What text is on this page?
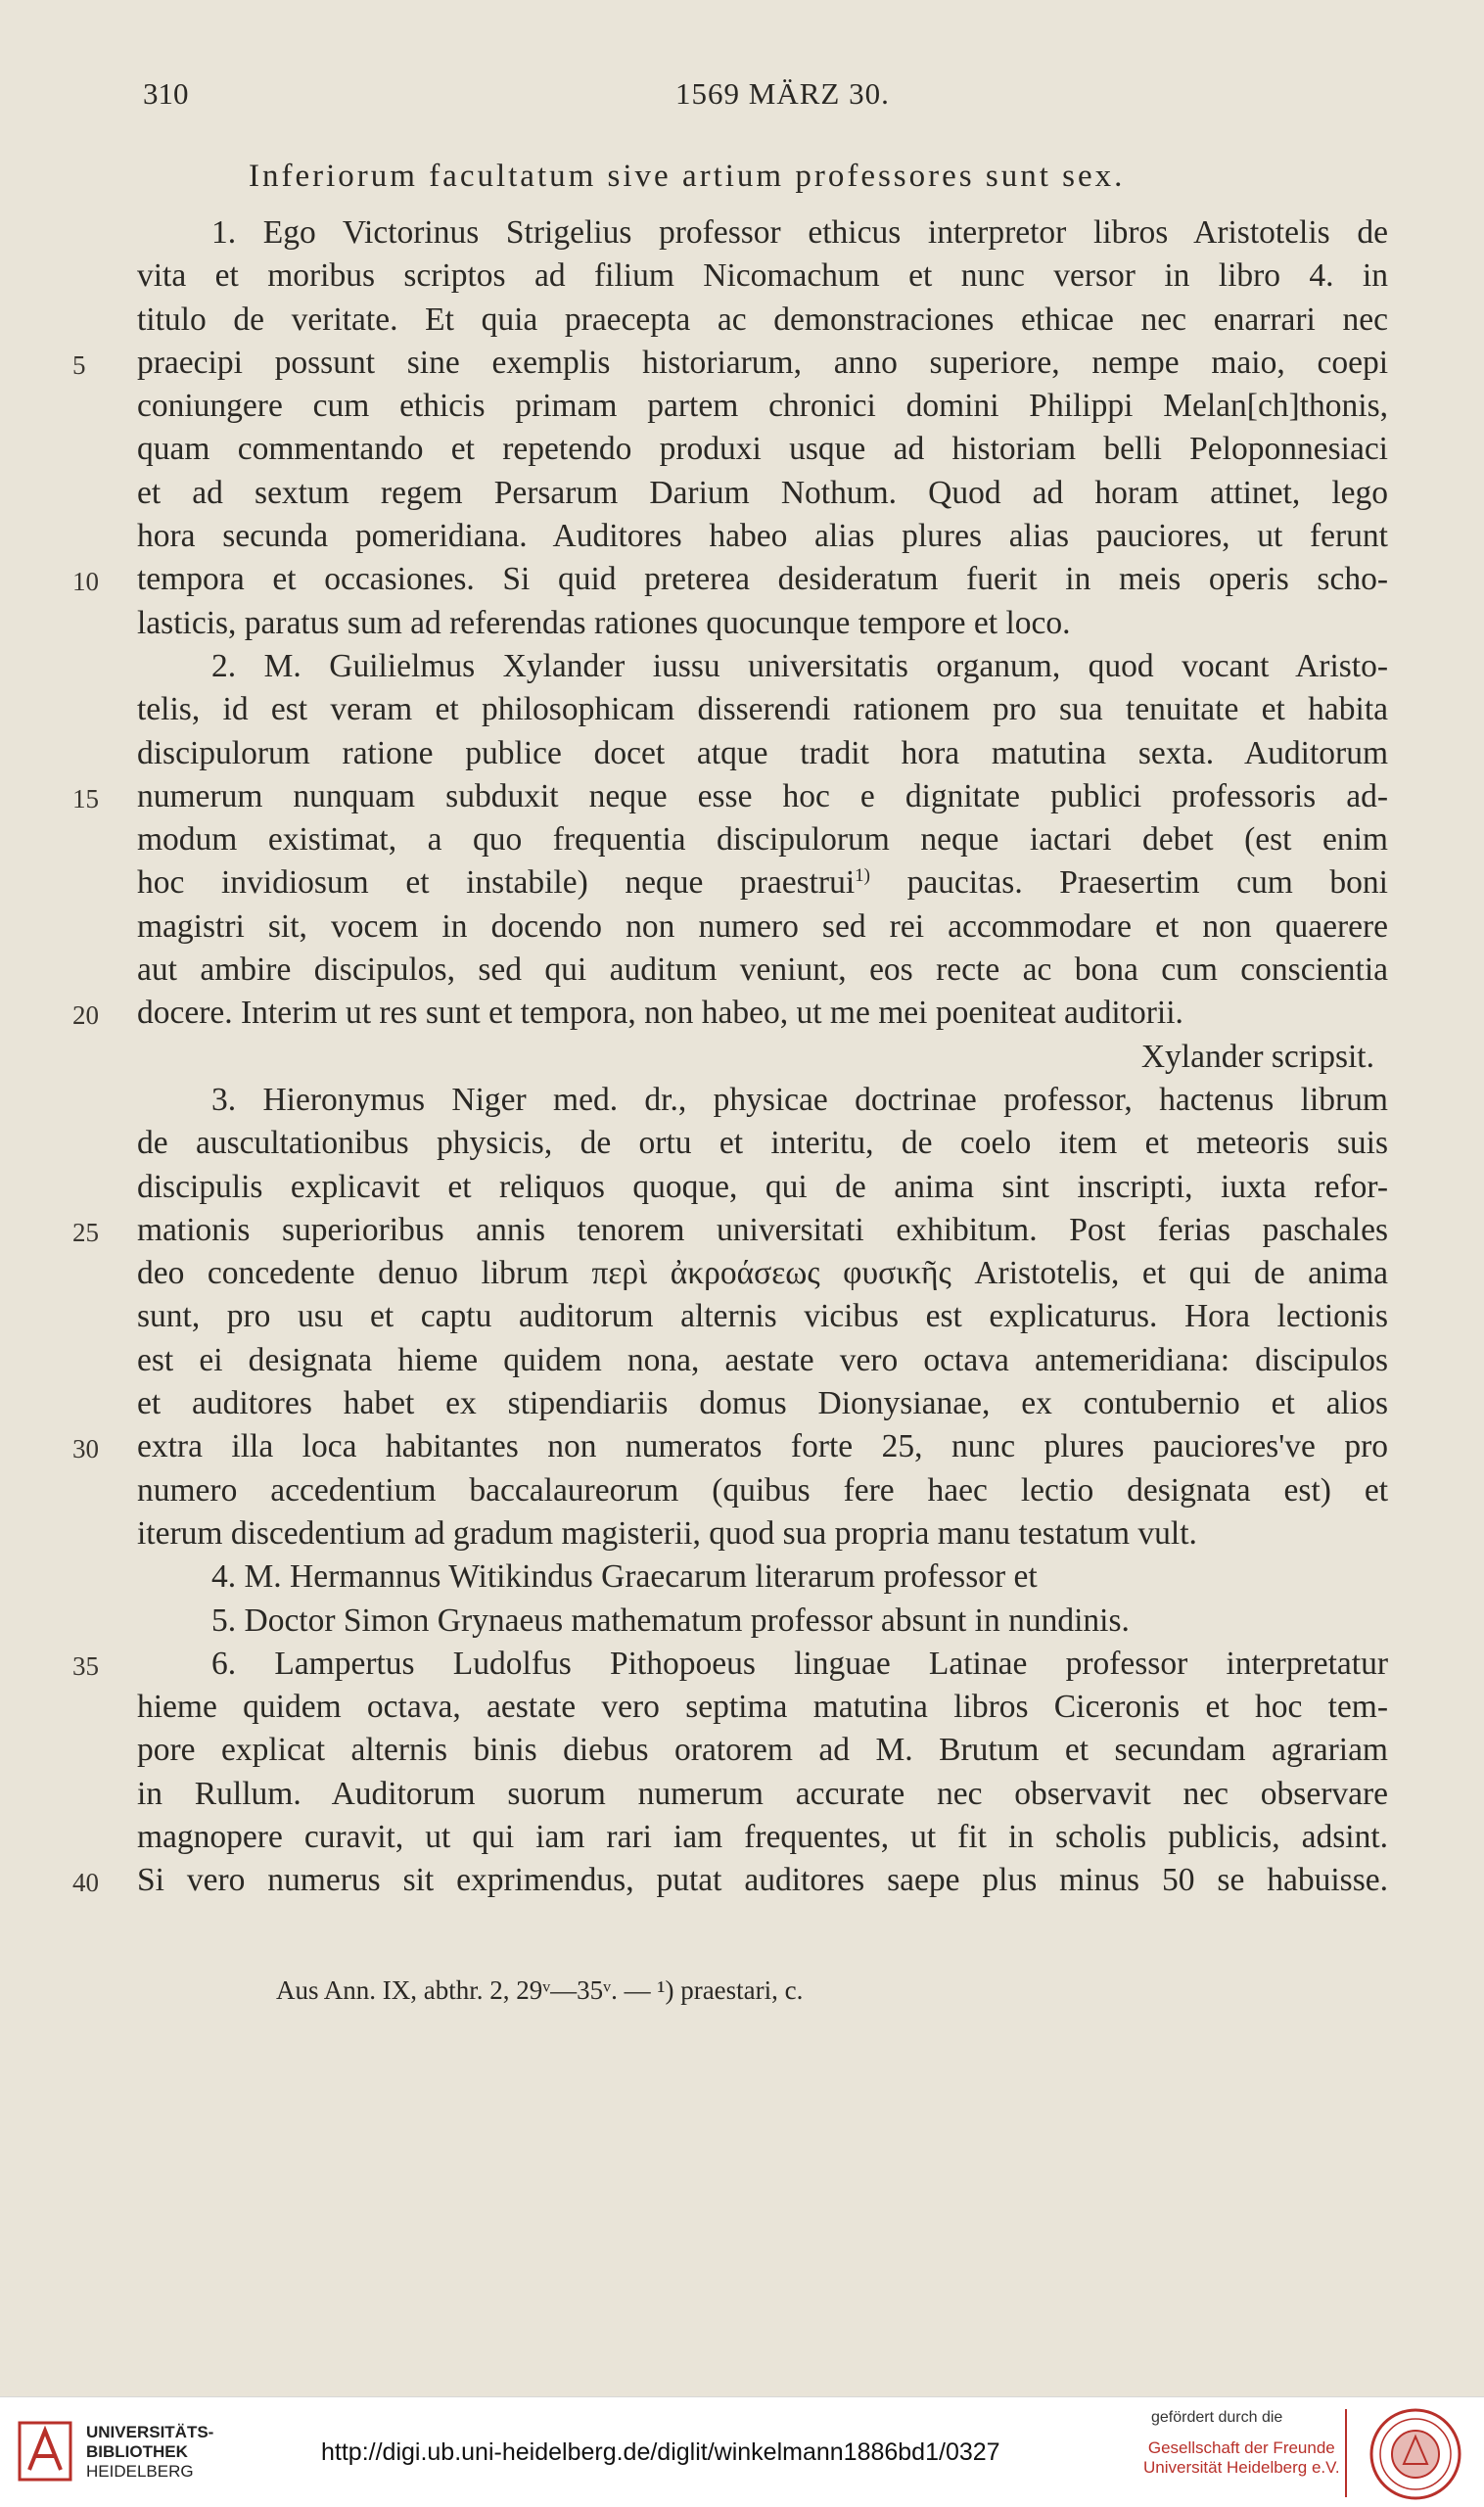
310	1569 MÄRZ 30.
Inferiorum facultatum sive artium professores sunt sex.
1. Ego Victorinus Strigelius professor ethicus interpretor libros Aristotelis de
vita et moribus scriptos ad filium Nicomachum et nunc versor in libro 4. in
titulo de veritate. Et quia praecepta ac demonstraciones ethicae nec enarrari nec
5 praecipi possunt sine exemplis historiarum, anno superiore, nempe maio, coepi
coniungere cum ethicis primam partem chronici domini Philippi Melan[ch]thonis,
quam commentando et repetendo produxi usque ad historiam belli Peloponnesiaci
et ad sextum regem Persarum Darium Nothum. Quod ad horam attinet, lego
hora secunda pomeridiana. Auditores habeo alias plures alias pauciores, ut ferunt
10 tempora et occasiones. Si quid preterea desideratum fuerit in meis operis scho-
lasticis, paratus sum ad referendas rationes quocunque tempore et loco.
2. M. Guilielmus Xylander iussu universitatis organum, quod vocant Aristo-
telis, id est veram et philosophicam disserendi rationem pro sua tenuitate et habita
discipulorum ratione publice docet atque tradit hora matutina sexta. Auditorum
15 numerum nunquam subduxit neque esse hoc e dignitate publici professoris ad-
modum existimat, a quo frequentia discipulorum neque iactari debet (est enim
hoc invidiosum et instabile) neque praestrui$^{1)}$ paucitas. Praesertim cum boni
magistri sit, vocem in docendo non numero sed rei accommodare et non quaerere
aut ambire discipulos, sed qui auditum veniunt, eos recte ac bona cum conscientia
20 docere. Interim ut res sunt et tempora, non habeo, ut me mei poeniteat auditorii.
Xylander scripsit.
3. Hieronymus Niger med. dr., physicae doctrinae professor, hactenus librum
de auscultationibus physicis, de ortu et interitu, de coelo item et meteoris suis
discipulis explicavit et reliquos quoque, qui de anima sint inscripti, iuxta refor-
25 mationis superioribus annis tenorem universitati exhibitum. Post ferias paschales
deo concedente denuo librum περὶ ἀκροάσεως φυσικῆς Aristotelis, et qui de anima
sunt, pro usu et captu auditorum alternis vicibus est explicaturus. Hora lectionis
est ei designata hieme quidem nona, aestate vero octava antemeridiana: discipulos
et auditores habet ex stipendiariis domus Dionysianae, ex contubernio et alios
30 extra illa loca habitantes non numeratos forte 25, nunc plures pauciores've pro
numero accedentium baccalaureorum (quibus fere haec lectio designata est) et
iterum discedentium ad gradum magisterii, quod sua propria manu testatum vult.
4. M. Hermannus Witikindus Graecarum literarum professor et
5. Doctor Simon Grynaeus mathematum professor absunt in nundinis.
35	6. Lampertus Ludolfus Pithopoeus linguae Latinae professor interpretatur
hieme quidem octava, aestate vero septima matutina libros Ciceronis et hoc tem-
pore explicat alternis binis diebus oratorem ad M. Brutum et secundam agrariam
in Rullum. Auditorum suorum numerum accurate nec observavit nec observare
magnopere curavit, ut qui iam rari iam frequentes, ut fit in scholis publicis, adsint.
40 Si vero numerus sit exprimendus, putat auditores saepe plus minus 50 se habuisse.
Aus Ann. IX, abthr. 2, 29ᵛ—35ᵛ. — ¹) praestari, c.
UNIVERSITÄTS-
BIBLIOTHEK
HEIDELBERG
http://digi.ub.uni-heidelberg.de/diglit/winkelmann1886bd1/0327
gefördert durch die
Gesellschaft der Freunde
Universität Heidelberg e.V.
